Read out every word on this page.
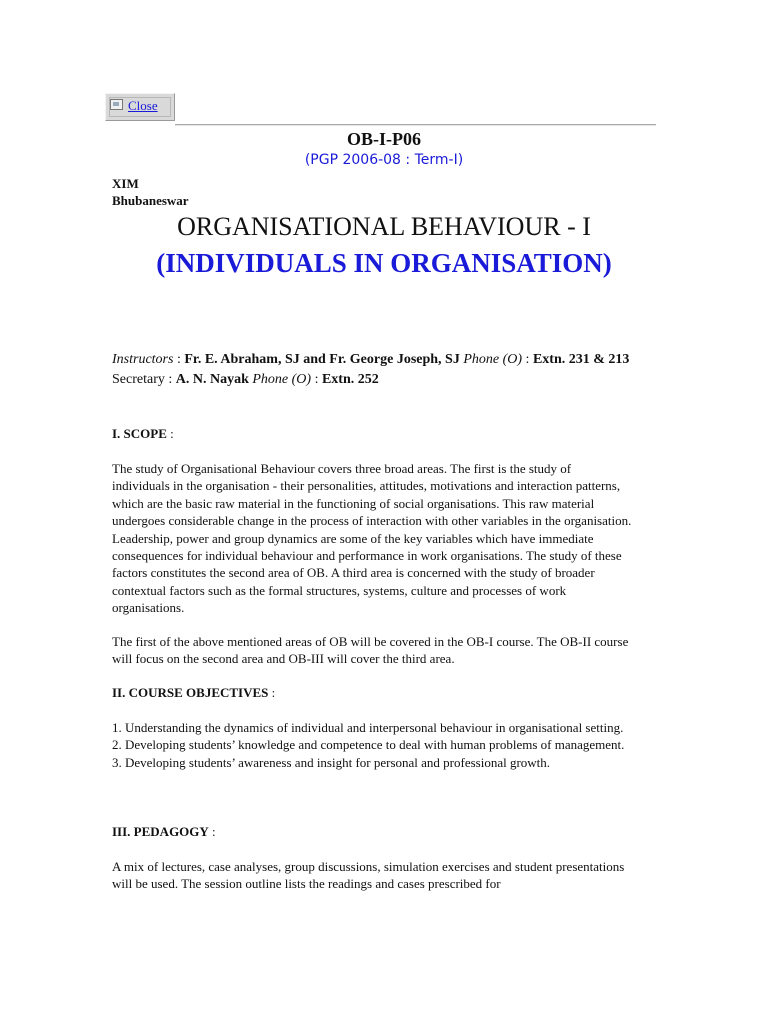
Close
OB-I-P06
(PGP 2006-08 : Term-I)
XIM
Bhubaneswar
ORGANISATIONAL BEHAVIOUR - I
(INDIVIDUALS IN ORGANISATION)
Instructors : Fr. E. Abraham, SJ and Fr. George Joseph, SJ Phone (O) : Extn. 231 & 213
Secretary : A. N. Nayak Phone (O) : Extn. 252
I. SCOPE :
The study of Organisational Behaviour covers three broad areas. The first is the study of individuals in the organisation - their personalities, attitudes, motivations and interaction patterns, which are the basic raw material in the functioning of social organisations. This raw material undergoes considerable change in the process of interaction with other variables in the organisation. Leadership, power and group dynamics are some of the key variables which have immediate consequences for individual behaviour and performance in work organisations. The study of these factors constitutes the second area of OB. A third area is concerned with the study of broader contextual factors such as the formal structures, systems, culture and processes of work organisations.
The first of the above mentioned areas of OB will be covered in the OB-I course. The OB-II course will focus on the second area and OB-III will cover the third area.
II. COURSE OBJECTIVES :
1. Understanding the dynamics of individual and interpersonal behaviour in organisational setting.
2. Developing students’ knowledge and competence to deal with human problems of management.
3. Developing students’ awareness and insight for personal and professional growth.
III. PEDAGOGY :
A mix of lectures, case analyses, group discussions, simulation exercises and student presentations will be used. The session outline lists the readings and cases prescribed for
